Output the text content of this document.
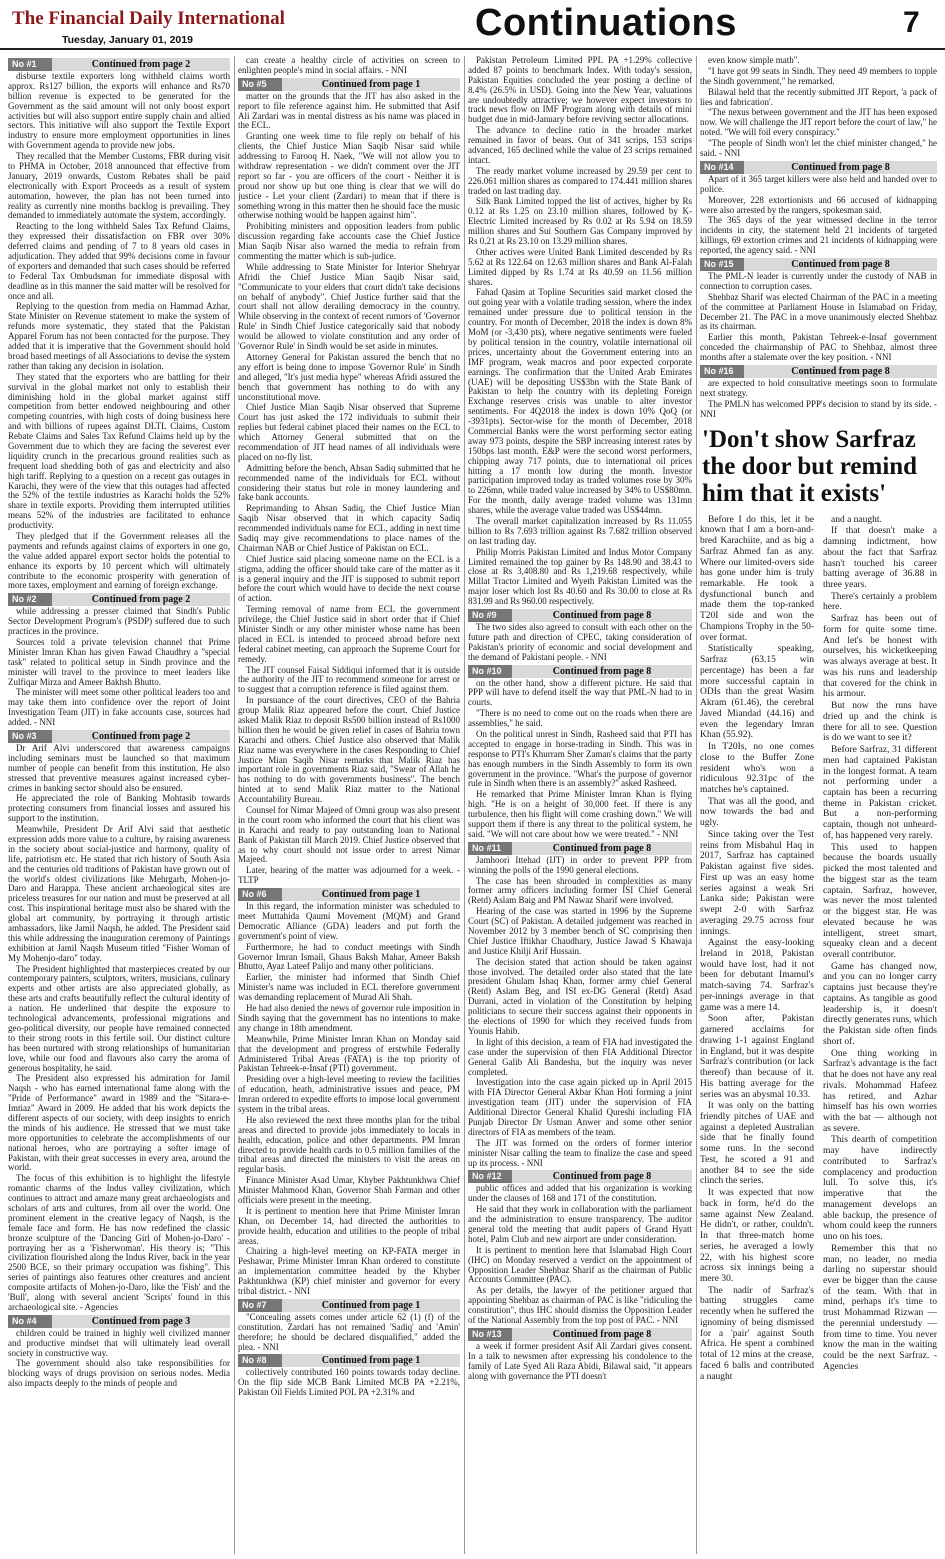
The Financial Daily International
Tuesday, January 01, 2019	Continuations	7
No #1	Continued from page 2

disburse textile exporters long withheld claims worth approx. Rs127 billion, the exports will enhance and Rs70 billion revenue is expected to be generated for the Government as the said amount will not only boost export activities but will also support entire supply chain and allied sectors. This initiative will also support the Textile Export industry to ensure more employment opportunities in lines with Government agenda to provide new jobs.

They recalled that the Member Customs, FBR during visit to PHMA in October, 2018 announced that effective from January, 2019 onwards, Custom Rebates shall be paid electronically with Export Proceeds as a result of system automation, however, the plan has not been turned into reality as currently nine months backlog is prevailing. They demanded to immediately automate the system, accordingly.

Reacting to the long withheld Sales Tax Refund Claims, they expressed their dissatisfaction on FBR over 30% deferred claims and pending of 7 to 8 years old cases in adjudication. They added that 99% decisions come in favour of exporters and demanded that such cases should be referred to Federal Tax Ombudsman for immediate disposal with deadline as in this manner the said matter will be resolved for once and all.

Replying to the question from media on Hammad Azhar, State Minister on Revenue statement to make the system of refunds more systematic, they stated that the Pakistan Apparel Forum has not been contacted for the purpose. They added that it is imperative that the Government should hold broad based meetings of all Associations to devise the system rather than taking any decision in isolation.

They stated that the exporters who are battling for their survival in the global market not only to establish their diminishing hold in the global market against stiff competition from better endowed neighbouring and other competing countries, with high costs of doing business here and with billions of rupees against DLTL Claims, Custom Rebate Claims and Sales Tax Refund Claims held up by the Government due to which they are facing the severest ever liquidity crunch in the precarious ground realities such as frequent load shedding both of gas and electricity and also high tariff. Replying to a question on a recent gas outages in Karachi, they were of the view that this outages had affected the 52% of the textile industries as Karachi holds the 52% share in textile exports. Providing them interrupted utilities means 52% of the industries are facilitated to enhance productivity.

They pledged that if the Government releases all the payments and refunds against claims of exporters in one go, the value added apparel export sector holds the potential to enhance its exports by 10 percent which will ultimately contribute to the economic prosperity with generation of more taxes, employment and earning of foreign exchange.

No #2	Continued from page 2

while addressing a presser claimed that Sindh's Public Sector Development Program's (PSDP) suffered due to such practices in the province.

Sources told a private television channel that Prime Minister Imran Khan has given Fawad Chaudhry a "special task" related to political setup in Sindh province and the minister will travel to the province to meet leaders like Zulfiqar Mirza and Ameer Bakhsh Bhutto.

The minister will meet some other political leaders too and may take them into confidence over the report of Joint Investigation Team (JIT) in fake accounts case, sources had added. - NNI

No #3	Continued from page 2

Dr Arif Alvi underscored that awareness campaigns including seminars must be launched so that maximum number of people can benefit from this institution. He also stressed that preventive measures against increased cyber-crimes in banking sector should also be ensured.

He appreciated the role of Banking Mohtasib towards protecting consumers from financial losses and assured his support to the institution.

Meanwhile, President Dr Arif Alvi said that aesthetic expression adds more value to a culture, by raising awareness in the society about social-justice and harmony, quality of life, patriotism etc. He stated that rich history of South Asia and the centuries old traditions of Pakistan have grown out of the world's oldest civilizations like Mehrgarh, Mohen-jo-Daro and Harappa. These ancient archaeological sites are priceless treasures for our nation and must be preserved at all cost. This inspirational heritage must also be shared with the global art community, by portraying it through artistic ambassadors, like Jamil Naqsh, he added. The President said this while addressing the inauguration ceremony of Paintings exhibition at Jamil Naqsh Museum titled "Fisher Woman of My Mohenjo-daro" today.

The President highlighted that masterpieces created by our contemporary painters, sculptors, writers, musicians, culinary experts and other artists are also appreciated globally, as these arts and crafts beautifully reflect the cultural identity of a nation. He underlined that despite the exposure to technological advancements, professional migrations and geo-political diversity, our people have remained connected to their strong roots in this fertile soil. Our distinct culture has been nurtured with strong relationships of humanitarian love, while our food and flavours also carry the aroma of generous hospitality, he said.

The President also expressed his admiration for Jamil Naqsh - who has earned international fame along with the "Pride of Performance" award in 1989 and the "Sitara-e-Imtiaz" Award in 2009. He added that his work depicts the different aspects of our society, with deep insights to enrich the minds of his audience. He stressed that we must take more opportunities to celebrate the accomplishments of our national heroes, who are portraying a softer image of Pakistan, with their great successes in every area, around the world.

The focus of this exhibition is to highlight the lifestyle romantic charms of the Indus valley civilization, which continues to attract and amaze many great archaeologists and scholars of arts and cultures, from all over the world. One prominent element in the creative legacy of Naqsh, is the female face and form. He has now redefined the classic bronze sculpture of the 'Dancing Girl of Mohen-jo-Daro' - portraying her as a 'Fisherwoman'. His theory is; "This civilization flourished along the Indus River, back in the year 2500 BCE, so their primary occupation was fishing". This series of paintings also features other creatures and ancient composite artifacts of Mohen-jo-Daro, like the 'Fish' and the 'Bull', along with several ancient 'Scripts' found in this archaeological site. - Agencies

No #4	Continued from page 3

children could be trained in highly well civilized manner and productive mindset that will ultimately lead overall society in constructive way.

The government should also take responsibilities for blocking ways of drugs provision on serious nodes. Media also impacts deeply to the minds of people and

can create a healthy circle of activities on screen to enlighten people's mind in social affairs. - NNI

No #5	Continued from page 1

matter on the grounds that the JIT has also asked in the report to file reference against him. He submitted that Asif Ali Zardari was in mental distress as his name was placed in the ECL.

Granting one week time to file reply on behalf of his clients, the Chief Justice Mian Saqib Nisar said while addressing to Farooq H. Naek, "We will not allow you to withdraw representation - we didn't comment over the JIT report so far - you are officers of the court - Neither it is proud nor show up but one thing is clear that we will do justice - Let your client (Zardari) to mean that if there is something wrong in this matter then he should face the music otherwise nothing would be happen against him".

Prohibiting ministers and opposition leaders from public discussion regarding fake accounts case the Chief Justice Mian Saqib Nisar also warned the media to refrain from commenting the matter which is sub-judice.

While addressing to State Minister for Interior Shehryar Afridi the Chief Justice Mian Saqib Nisar said, "Communicate to your elders that court didn't take decisions on behalf of anybody". Chief Justice further said that the court shall not allow derailing democracy in the country. While observing in the context of recent rumors of 'Governor Rule' in Sindh Chief Justice categorically said that nobody would be allowed to violate constitution and any order of 'Governor Rule' in Sindh would be set aside in minutes.

Attorney General for Pakistan assured the bench that no any effort is being done to impose 'Governor Rule' in Sindh and alleged, "It's just media hype" whereas Afridi assured the bench that government has nothing to do with any unconstitutional move.

Chief Justice Mian Saqib Nisar observed that Supreme Court has just asked the 172 individuals to submit their replies but federal cabinet placed their names on the ECL to which Attorney General submitted that on the recommendation of JIT head names of all individuals were placed on no-fly list.

Admitting before the bench, Ahsan Sadiq submitted that he recommended name of the individuals for ECL without considering their status but role in money laundering and fake bank accounts.

Reprimanding to Ahsan Sadiq, the Chief Justice Mian Saqib Nisar observed that in which capacity Sadiq recommended individuals name for ECL, adding in next time Sadiq may give recommendations to place names of the Chairman NAB or Chief Justice of Pakistan on ECL.

Chief Justice said placing someone name on the ECL is a stigma, adding the officer should take care of the matter as it is a general inquiry and the JIT is supposed to submit report before the court which would have to decide the next course of action.

Terming removal of name from ECL the government privilege, the Chief Justice said in short order that if Chief Minister Sindh or any other minister whose name has been placed in ECL is intended to proceed abroad before next federal cabinet meeting, can approach the Supreme Court for remedy.

The JIT counsel Faisal Siddiqui informed that it is outside the authority of the JIT to recommend someone for arrest or to suggest that a corruption reference is filed against them.

In pursuance of the court directives, CEO of the Bahria group Malik Riaz appeared before the court. Chief Justice asked Malik Riaz to deposit Rs500 billion instead of Rs1000 billion then he would be given relief in cases of Bahria town Karachi and others. Chief Justice also observed that Malik Riaz name was everywhere in the cases Responding to Chief Justice Mian Saqib Nisar remarks that Malik Riaz has important role in governments Riaz said, "Swear of Allah he has nothing to do with governments business". The bench hinted at to send Malik Riaz matter to the National Accountability Bureau.

Counsel for Nimar Majeed of Omni group was also present in the court room who informed the court that his client was in Karachi and ready to pay outstanding loan to National Bank of Pakistan till March 2019. Chief Justice observed that as to why court should not issue order to arrest Nimar Majeed.

Later, hearing of the matter was adjourned for a week. - TLTP

No #6	Continued from page 1

In this regard, the information minister was scheduled to meet Muttahida Qaumi Movement (MQM) and Grand Democratic Alliance (GDA) leaders and put forth the government's point of view.

Furthermore, he had to conduct meetings with Sindh Governor Imran Ismail, Ghaus Baksh Mahar, Ameer Baksh Bhutto, Ayaz Lateef Palijo and many other politicians.

Earlier, the minister had informed that Sindh Chief Minister's name was included in ECL therefore government was demanding replacement of Murad Ali Shah.

He had also denied the news of governor rule imposition in Sindh saying that the government has no intentions to make any change in 18th amendment.

Meanwhile, Prime Minister Imran Khan on Monday said that the development and progress of erstwhile Federally Administered Tribal Areas (FATA) is the top priority of Pakistan Tehreek-e-Insaf (PTI) government.

Presiding over a high-level meeting to review the facilities of education, heath, administrative issues and peace, PM Imran ordered to expedite efforts to impose local government system in the tribal areas.

He also reviewed the next three months plan for the tribal areas and directed to provide jobs immediately to locals in health, education, police and other departments. PM Imran directed to provide health cards to 0.5 million families of the tribal areas and directed the ministers to visit the areas on regular basis.

Finance Minister Asad Umar, Khyber Pakhtunkhwa Chief Minister Mahmood Khan, Governor Shah Farman and other officials were present in the meeting.

It is pertinent to mention here that Prime Minister Imran Khan, on December 14, had directed the authorities to provide health, education and utilities to the people of tribal areas.

Chairing a high-level meeting on KP-FATA merger in Peshawar, Prime Minister Imran Khan ordered to constitute an implementation committee headed by the Khyber Pakhtunkhwa (KP) chief minister and governor for every tribal district. - NNI

No #7	Continued from page 1

"Concealing assets comes under article 62 (1) (f) of the constitution. Zardari has not remained 'Sadiq' and 'Amin' therefore; he should be declared disqualified," added the plea. - NNI

No #8	Continued from page 1

collectively contributed 160 points towards today decline. On the flip side MCB Bank Limited MCB PA +2.21%, Pakistan Oil Fields Limited POL PA +2.31% and

Pakistan Petroleum Limited PPL PA +1.29% collective added 87 points to benchmark Index. With today's session, Pakistan Equities concluded the year posting a decline of 8.4% (26.5% in USD). Going into the New Year, valuations are undoubtedly attractive; we however expect investors to track news flow on IMF Program along with details of mini budget due in mid-January before reviving sector allocations.

The advance to decline ratio in the broader market remained in favor of bears. Out of 341 scrips, 153 scrips advanced, 165 declined while the value of 23 scrips remained intact.

The ready market volume increased by 29.59 per cent to 226.061 million shares as compared to 174.441 million shares traded on last trading day.

Silk Bank Limited topped the list of actives, higher by Rs 0.12 at Rs 1.25 on 23.10 million shares, followed by K-Electric Limited increased by Rs 0.02 at Rs 5.94 on 18.59 million shares and Sui Southern Gas Company improved by Rs 0.21 at Rs 23.10 on 13.29 million shares.

Other actives were United Bank Limited descended by Rs 5.62 at Rs 122.64 on 12.63 million shares and Bank Al-Falah Limited dipped by Rs 1.74 at Rs 40.59 on 11.56 million shares.

Fahad Qasim at Topline Securities said market closed the out going year with a volatile trading session, where the index remained under pressure due to political tension in the country. For month of December, 2018 the index is down 8% MoM (or -3,430 pts), where negative sentiments were fueled by political tension in the country, volatile international oil prices, uncertainty about the Government entering into an IMF program, weak macros and poor expected corporate earnings. The confirmation that the United Arab Emirates (UAE) will be depositing US$3bn with the State Bank of Pakistan to help the country with its depleting Foreign Exchange reserves crisis was unable to alter investor sentiments. For 4Q2018 the index is down 10% QoQ (or -3931pts). Sector-wise for the month of December, 2018 Commercial Banks were the worst performing sector eating away 973 points, despite the SBP increasing interest rates by 150bps last month. E&P were the second worst performers, chipping away 717 points, due to international oil prices hitting a 17 month low during the month. Investor participation improved today as traded volumes rose by 30% to 226mn, while traded value increased by 34% to US$80mn. For the month, daily average traded volume was 131mn shares, while the average value traded was US$44mn.

The overall market capitalization increased by Rs 11.055 billion to Rs 7.693 trillion against Rs 7.682 trillion observed on last trading day.

Philip Morris Pakistan Limited and Indus Motor Company Limited remained the top gainer by Rs 148.90 and 38.43 to close at Rs 3,408.80 and Rs 1,219.68 respectively, while Millat Tractor Limited and Wyeth Pakistan Limited was the major loser which lost Rs 40.60 and Rs 30.00 to close at Rs 831.99 and Rs 960.00 respectively.

No #9	Continued from page 8

The two sides also agreed to consult with each other on the future path and direction of CPEC, taking consideration of Pakistan's priority of economic and social development and the demand of Pakistani people. - NNI

No #10	Continued from page 8

on the other hand, show a different picture. He said that PPP will have to defend itself the way that PML-N had to in courts.

"There is no need to come out on the roads when there are assemblies," he said.

On the political unrest in Sindh, Rasheed said that PTI has accepted to engage in horse-trading in Sindh. This was in response to PTI's Khurram Sher Zaman's claims that the party has enough numbers in the Sindh Assembly to form its own government in the province. "What's the purpose of governor rule in Sindh when there is an assembly?" asked Rasheed.

He remarked that Prime Minister Imran Khan is flying high. "He is on a height of 30,000 feet. If there is any turbulence, then his flight will come crashing down." We will support them if there is any threat to the political system, he said. "We will not care about how we were treated." - NNI

No #11	Continued from page 8

Jamhoori Ittehad (IJT) in order to prevent PPP from winning the polls of the 1990 general elections.

The case has been shrouded in complexities as many former army officers including former ISI Chief General (Retd) Aslam Baig and PM Nawaz Sharif were involved.

Hearing of the case was started in 1996 by the Supreme Court (SC) of Pakistan. A detailed judgement was reached in November 2012 by 3 member bench of SC comprising then Chief Justice Iftikhar Chaudhary, Justice Jawad S Khawaja and Justice Khilji Arif Hussain.

The decision stated that action should be taken against those involved. The detailed order also stated that the late president Ghulam Ishaq Khan, former army chief General (Retd) Aslam Beg, and ISI ex-DG General (Retd) Asad Durrani, acted in violation of the Constitution by helping politicians to secure their success against their opponents in the elections of 1990 for which they received funds from Younis Habib.

In light of this decision, a team of FIA had investigated the case under the supervision of then FIA Additional Director General Galib Ali Bandesha, but the inquiry was never completed.

Investigation into the case again picked up in April 2015 with FIA Director General Akbar Khan Hoti forming a joint investigation team (JIT) under the supervision of FIA Additional Director General Khalid Qureshi including FIA Punjab Director Dr Usman Anwer and some other senior directors of FIA as members of the team.

The JIT was formed on the orders of former interior minister Nisar calling the team to finalize the case and speed up its process. - NNI

No #12	Continued from page 8

public offices and added that his organization is working under the clauses of 168 and 171 of the constitution.

He said that they work in collaboration with the parliament and the administration to ensure transparency. The auditor general told the meeting that audit papers of Grand Hyatt hotel, Palm Club and new airport are under consideration.

It is pertinent to mention here that Islamabad High Court (IHC) on Monday reserved a verdict on the appointment of Opposition Leader Shehbaz Sharif as the chairman of Public Accounts Committee (PAC).

As per details, the lawyer of the petitioner argued that appointing Shehbaz as chairman of PAC is like "ridiculing the constitution", thus IHC should dismiss the Opposition Leader of the National Assembly from the top post of PAC. - NNI

No #13	Continued from page 8

a week if former president Asif Ali Zardari gives consent. In a talk to newsmen after expressing his condolence to the family of Late Syed Ali Raza Abidi, Bilawal said, "it appears along with governance the PTI doesn't

even know simple math".

"I have got 99 seats in Sindh. They need 49 members to topple the Sindh government," he remarked.

Bilawal held that the recently submitted JIT Report, 'a pack of lies and fabrication'.

"The nexus between government and the JIT has been exposed now. We will challenge the JIT report before the court of law," he noted. "We will foil every conspiracy."

"The people of Sindh won't let the chief minister changed," he said. - NNI

No #14	Continued from page 8

Apart of it 365 target killers were also held and handed over to police.

Moreover, 228 extortionists and 66 accused of kidnapping were also arrested by the rangers, spokesman said.

The 365 days of the year witnessed decline in the terror incidents in city, the statement held 21 incidents of targeted killings, 69 extortion crimes and 21 incidents of kidnapping were reported, the agency said. - NNI

No #15	Continued from page 8

The PML-N leader is currently under the custody of NAB in connection to corruption cases.

Shehbaz Sharif was elected Chairman of the PAC in a meeting of the committee at Parliament House in Islamabad on Friday, December 21. The PAC in a move unanimously elected Shehbaz as its chairman.

Earlier this month, Pakistan Tehreek-e-Insaf government conceded the chairmanship of PAC to Shehbaz, almost three months after a stalemate over the key position. - NNI

No #16	Continued from page 8

are expected to hold consultative meetings soon to formulate next strategy.

The PMLN has welcomed PPP's decision to stand by its side. - NNI

'Don't show Sarfraz the door but remind him that it exists'

Before I do this, let it be known that I am a born-and-bred Karachiite, and as big a Sarfraz Ahmed fan as any. Where our limited-overs side has gone under him is truly remarkable. He took a dysfunctional bunch and made them the top-ranked T20I side and won the Champions Trophy in the 50-over format.

Statistically speaking, Sarfraz (63.15 win percentage) has been a far more successful captain in ODIs than the great Wasim Akram (61.46), the cerebral Javed Miandad (44.16) and even the legendary Imran Khan (55.92).

In T20Is, no one comes close to the Buffer Zone resident who's won a ridiculous 92.31pc of the matches he's captained.

That was all the good, and now towards the bad and ugly.

Since taking over the Test reins from Misbahul Haq in 2017, Sarfraz has captained Pakistan against five sides. First up was an easy home series against a weak Sri Lanka side; Pakistan were swept 2-0 with Sarfraz averaging 29.75 across four innings.

Against the easy-looking Ireland in 2018, Pakistan would have lost, had it not been for debutant Imamul's match-saving 74. Sarfraz's per-innings average in that game was a mere 14.

Soon after, Pakistan garnered acclaims for drawing 1-1 against England in England, but it was despite Sarfraz's contribution (or lack thereof) than because of it. His batting average for the series was an abysmal 10.33.

It was only on the batting friendly pitches of UAE and against a depleted Australian side that he finally found some runs. In the second Test, he scored a 91 and another 84 to see the side clinch the series.

It was expected that now back in form, he'd do the same against New Zealand. He didn't, or rather, couldn't. In that three-match home series, he averaged a lowly 22, with his highest score across six innings being a mere 30.

The nadir of Sarfraz's batting struggles came recently when he suffered the ignominy of being dismissed for a 'pair' against South Africa. He spent a combined total of 12 mins at the crease, faced 6 balls and contributed a naught

and a naught.

If that doesn't make a damning indictment, how about the fact that Sarfraz hasn't touched his career batting average of 36.88 in three years.

There's certainly a problem here.

Sarfraz has been out of form for quite some time. And let's be honest with ourselves, his wicketkeeping was always average at best. It was his runs and leadership that covered for the chink in his armour.

But now the runs have dried up and the chink is there for all to see. Question is do we want to see it?

Before Sarfraz, 31 different men had captained Pakistan in the longest format. A team not performing under a captain has been a recurring theme in Pakistan cricket. But a non-performing captain, though not unheard-of, has happened very rarely.

This used to happen because the boards usually picked the most talented and the biggest star as the team captain. Sarfraz, however, was never the most talented or the biggest star. He was elevated because he was intelligent, street smart, squeaky clean and a decent overall contributor.

Game has changed now, and you can no longer carry captains just because they're captains. As tangible as good leadership is, it doesn't directly generates runs, which the Pakistan side often finds short of.

One thing working in Sarfraz's advantage is the fact that he does not have any real rivals. Mohammad Hafeez has retired, and Azhar himself has his own worries with the bat — although not as severe.

This dearth of competition may have indirectly contributed to Sarfraz's complacency and production lull. To solve this, it's imperative that the management develops an able backup, the presence of whom could keep the runners uno on his toes.

Remember this that no man, no leader, no media darling no superstar should ever be bigger than the cause of the team. With that in mind, perhaps it's time to trust Mohammad Rizwan — the perennial understudy — from time to time. You never know the man in the waiting could be the next Sarfraz. - Agencies
